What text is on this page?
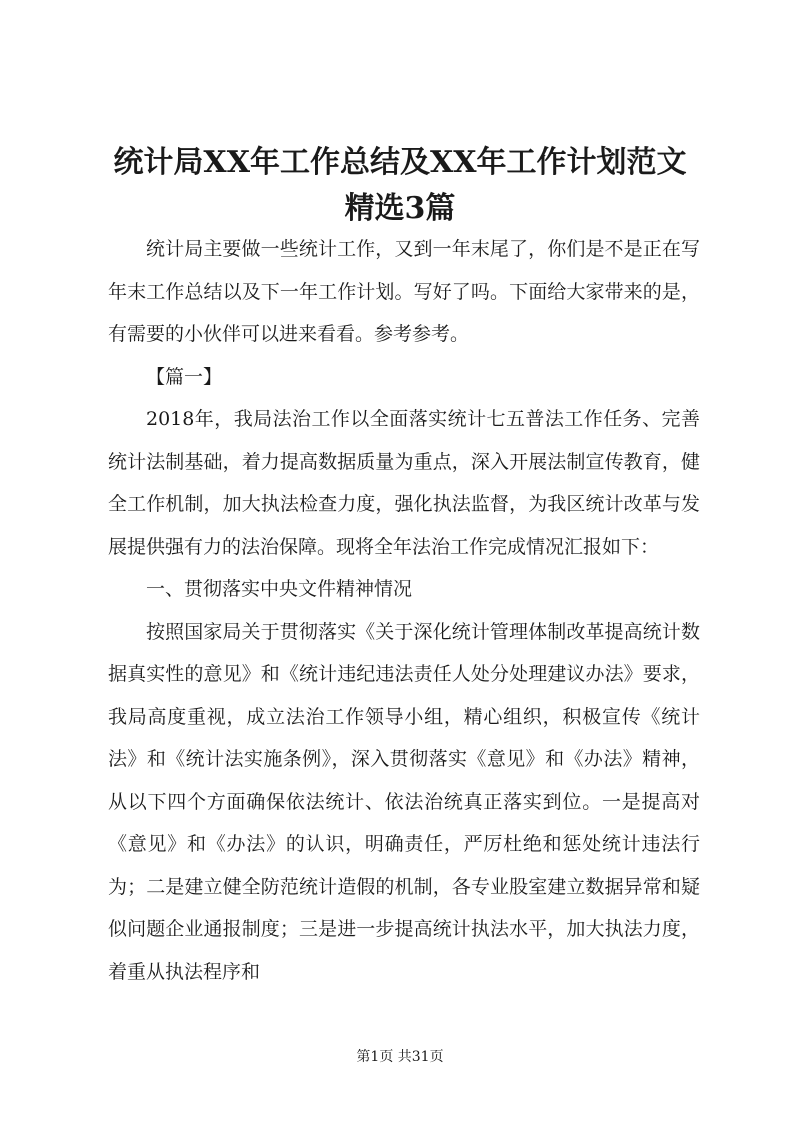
统计局XX年工作总结及XX年工作计划范文精选3篇

统计局主要做一些统计工作，又到一年末尾了，你们是不是正在写年末工作总结以及下一年工作计划。写好了吗。下面给大家带来的是，有需要的小伙伴可以进来看看。参考参考。

【篇一】

2018年，我局法治工作以全面落实统计七五普法工作任务、完善统计法制基础，着力提高数据质量为重点，深入开展法制宣传教育，健全工作机制，加大执法检查力度，强化执法监督，为我区统计改革与发展提供强有力的法治保障。现将全年法治工作完成情况汇报如下：

一、贯彻落实中央文件精神情况

按照国家局关于贯彻落实《关于深化统计管理体制改革提高统计数据真实性的意见》和《统计违纪违法责任人处分处理建议办法》要求，我局高度重视，成立法治工作领导小组，精心组织，积极宣传《统计法》和《统计法实施条例》，深入贯彻落实《意见》和《办法》精神，从以下四个方面确保依法统计、依法治统真正落实到位。一是提高对《意见》和《办法》的认识，明确责任，严厉杜绝和惩处统计违法行为；二是建立健全防范统计造假的机制，各专业股室建立数据异常和疑似问题企业通报制度；三是进一步提高统计执法水平，加大执法力度，着重从执法程序和

第1页 共31页
